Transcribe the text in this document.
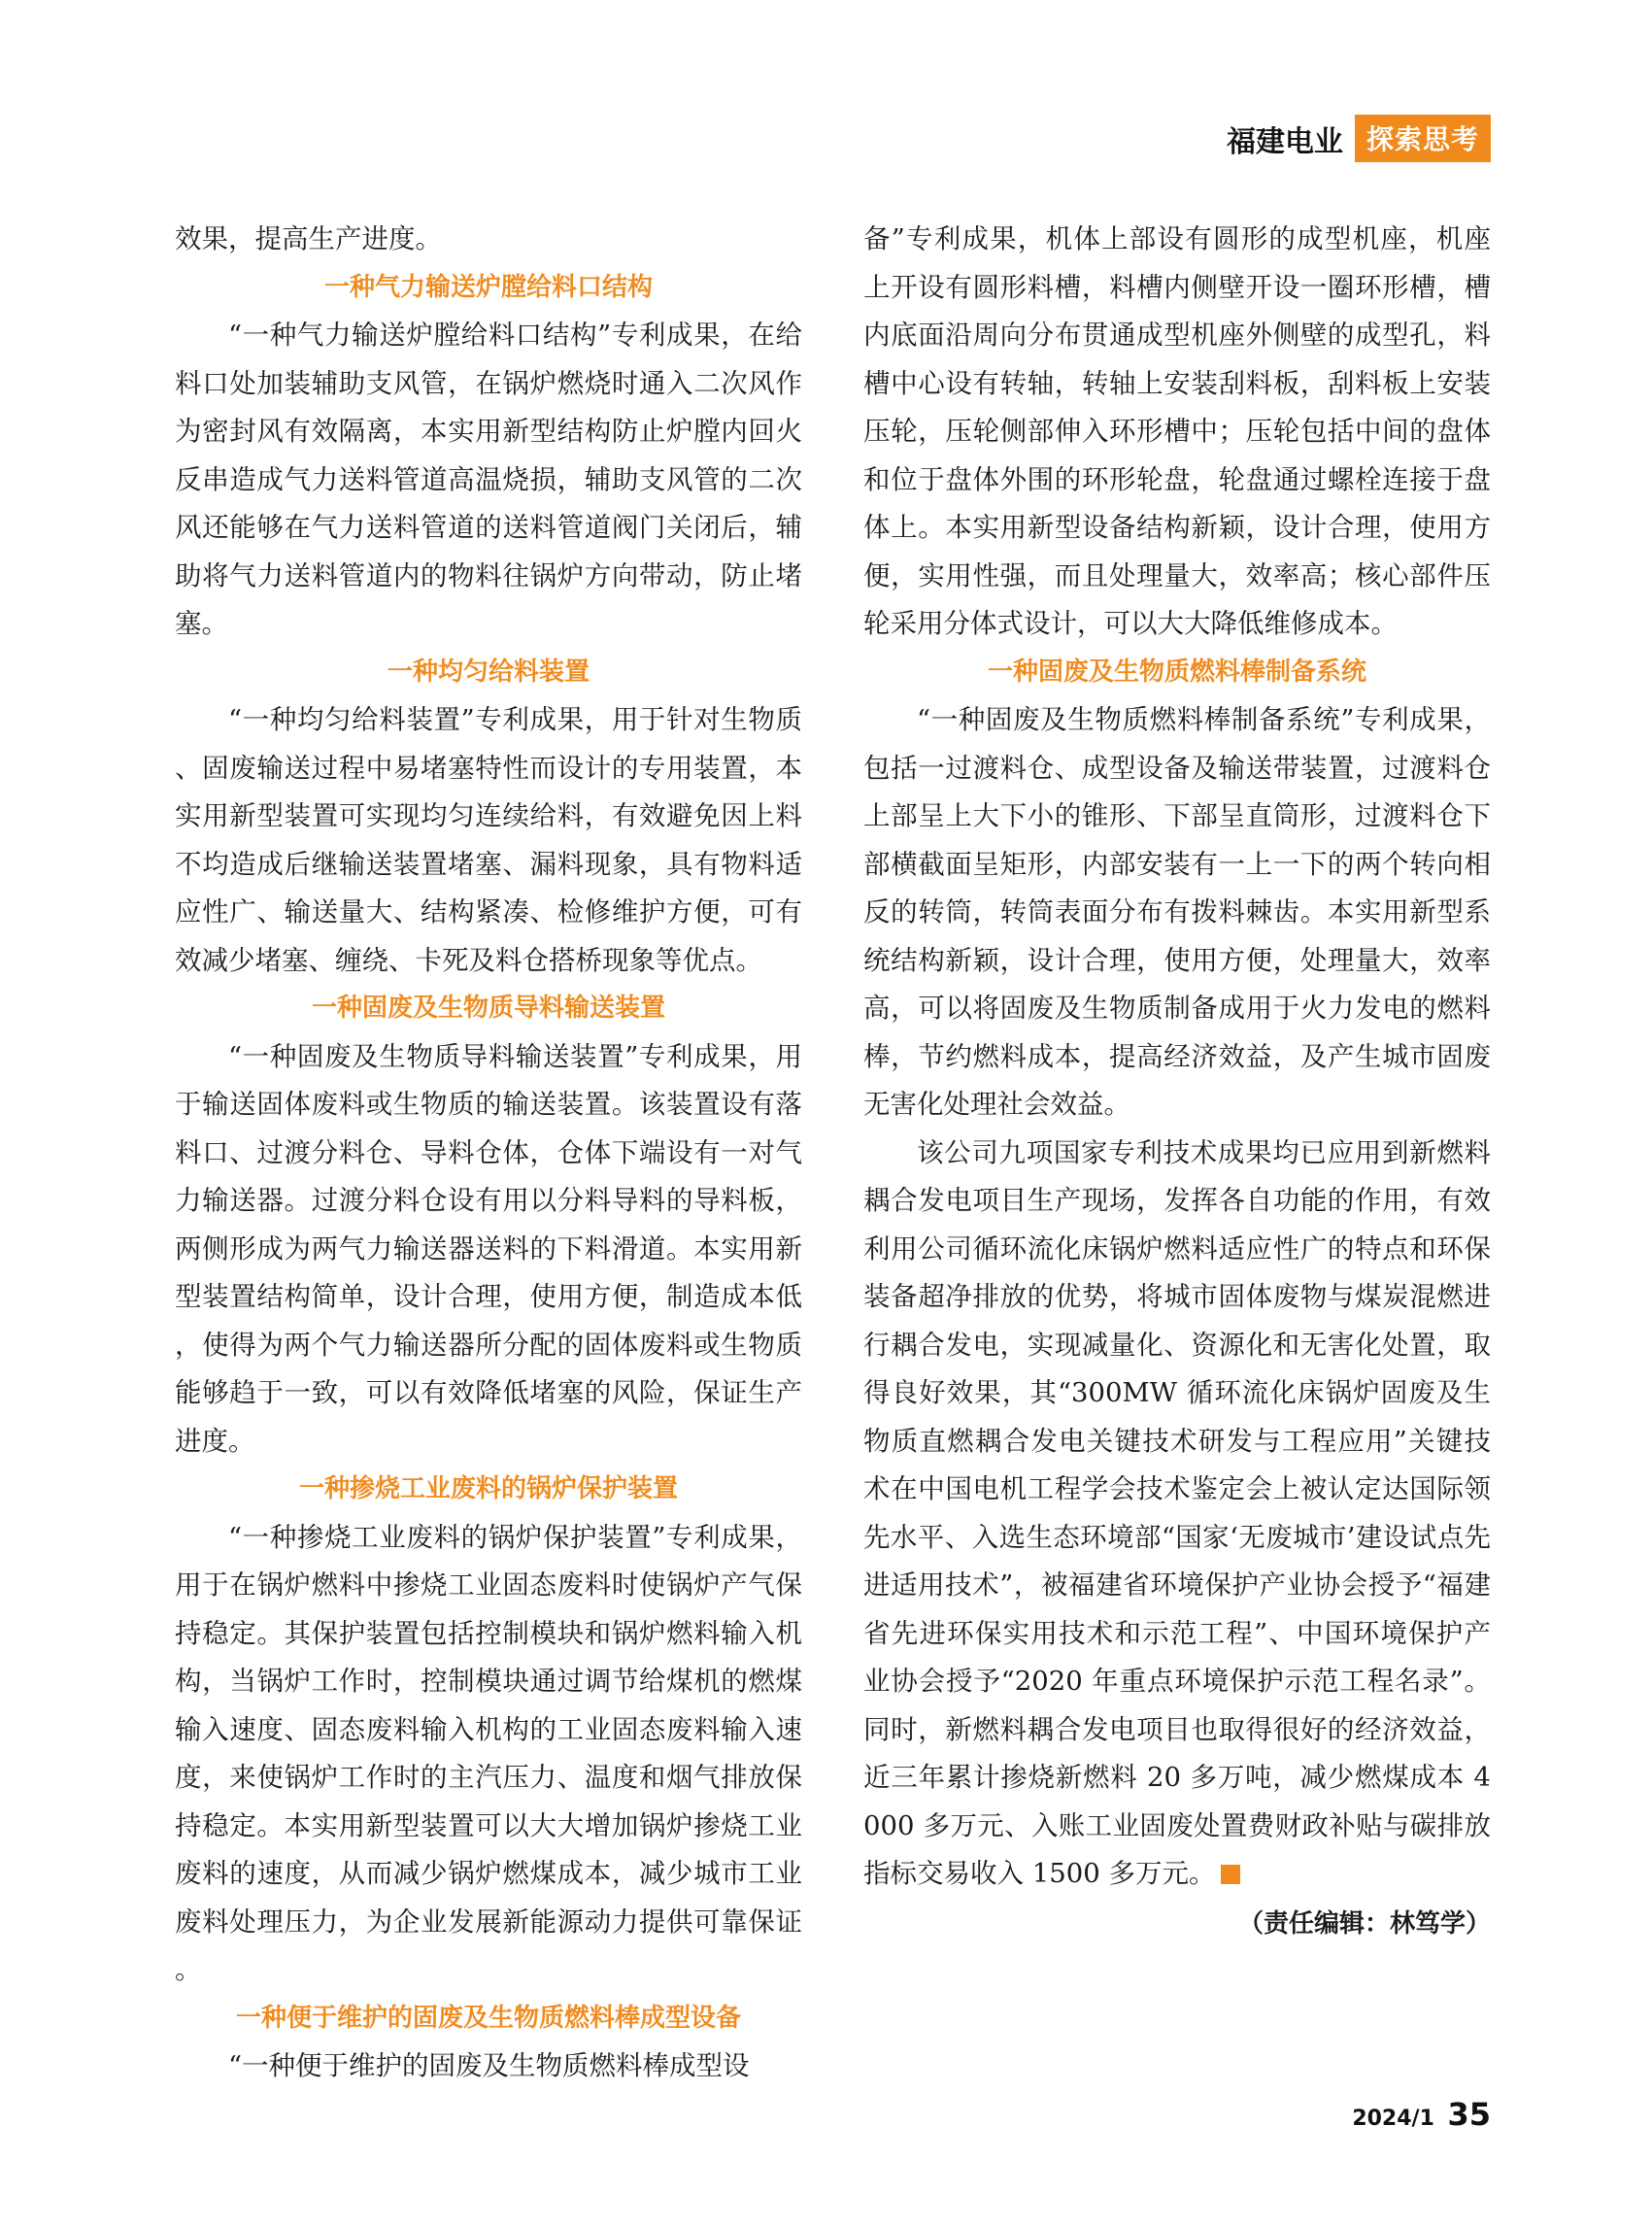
福建电业 探索思考

效果，提高生产进度。

一种气力输送炉膛给料口结构

“一种气力输送炉膛给料口结构”专利成果，在给料口处加装辅助支风管，在锅炉燃烧时通入二次风作为密封风有效隔离，本实用新型结构防止炉膛内回火反串造成气力送料管道高温烧损，辅助支风管的二次风还能够在气力送料管道的送料管道阀门关闭后，辅助将气力送料管道内的物料往锅炉方向带动，防止堵塞。

一种均匀给料装置

“一种均匀给料装置”专利成果，用于针对生物质、固废输送过程中易堵塞特性而设计的专用装置，本实用新型装置可实现均匀连续给料，有效避免因上料不均造成后继输送装置堵塞、漏料现象，具有物料适应性广、输送量大、结构紧凑、检修维护方便，可有效减少堵塞、缠绕、卡死及料仓搭桥现象等优点。

一种固废及生物质导料输送装置

“一种固废及生物质导料输送装置”专利成果，用于输送固体废料或生物质的输送装置。该装置设有落料口、过渡分料仓、导料仓体，仓体下端设有一对气力输送器。过渡分料仓设有用以分料导料的导料板，两侧形成为两气力输送器送料的下料滑道。本实用新型装置结构简单，设计合理，使用方便，制造成本低，使得为两个气力输送器所分配的固体废料或生物质能够趋于一致，可以有效降低堵塞的风险，保证生产进度。

一种掺烧工业废料的锅炉保护装置

“一种掺烧工业废料的锅炉保护装置”专利成果，用于在锅炉燃料中掺烧工业固态废料时使锅炉产气保持稳定。其保护装置包括控制模块和锅炉燃料输入机构，当锅炉工作时，控制模块通过调节给煤机的燃煤输入速度、固态废料输入机构的工业固态废料输入速度，来使锅炉工作时的主汽压力、温度和烟气排放保持稳定。本实用新型装置可以大大增加锅炉掺烧工业废料的速度，从而减少锅炉燃煤成本，减少城市工业废料处理压力，为企业发展新能源动力提供可靠保证。

一种便于维护的固废及生物质燃料棒成型设备

“一种便于维护的固废及生物质燃料棒成型设

备”专利成果，机体上部设有圆形的成型机座，机座上开设有圆形料槽，料槽内侧壁开设一圈环形槽，槽内底面沿周向分布贯通成型机座外侧壁的成型孔，料槽中心设有转轴，转轴上安装刮料板，刮料板上安装压轮，压轮侧部伸入环形槽中；压轮包括中间的盘体和位于盘体外围的环形轮盘，轮盘通过螺栓连接于盘体上。本实用新型设备结构新颖，设计合理，使用方便，实用性强，而且处理量大，效率高；核心部件压轮采用分体式设计，可以大大降低维修成本。

一种固废及生物质燃料棒制备系统

“一种固废及生物质燃料棒制备系统”专利成果，包括一过渡料仓、成型设备及输送带装置，过渡料仓上部呈上大下小的锥形、下部呈直筒形，过渡料仓下部横截面呈矩形，内部安装有一上一下的两个转向相反的转筒，转筒表面分布有拨料棘齿。本实用新型系统结构新颖，设计合理，使用方便，处理量大，效率高，可以将固废及生物质制备成用于火力发电的燃料棒，节约燃料成本，提高经济效益，及产生城市固废无害化处理社会效益。

该公司九项国家专利技术成果均已应用到新燃料耦合发电项目生产现场，发挥各自功能的作用，有效利用公司循环流化床锅炉燃料适应性广的特点和环保装备超净排放的优势，将城市固体废物与煤炭混燃进行耦合发电，实现减量化、资源化和无害化处置，取得良好效果，其“300MW 循环流化床锅炉固废及生物质直燃耦合发电关键技术研发与工程应用”关键技术在中国电机工程学会技术鉴定会上被认定达国际领先水平、入选生态环境部“国家‘无废城市’建设试点先进适用技术”，被福建省环境保护产业协会授予“福建省先进环保实用技术和示范工程”、中国环境保护产业协会授予“2020 年重点环境保护示范工程名录”。同时，新燃料耦合发电项目也取得很好的经济效益，近三年累计掺烧新燃料 20 多万吨，减少燃煤成本 4000 多万元、入账工业固废处置费财政补贴与碳排放指标交易收入 1500 多万元。

（责任编辑：林笃学）

2024/1 35
